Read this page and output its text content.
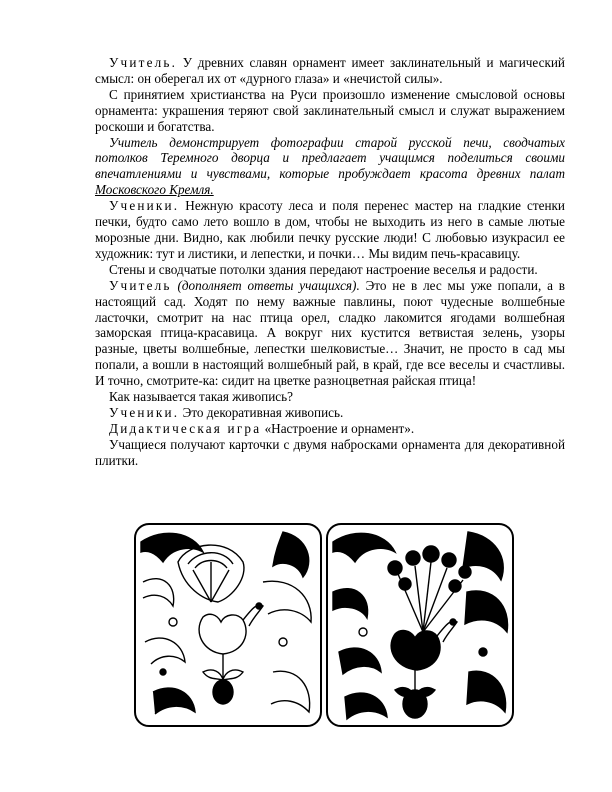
Учитель. У древних славян орнамент имеет заклинательный и магический смысл: он оберегал их от «дурного глаза» и «нечистой силы».

С принятием христианства на Руси произошло изменение смысловой основы орнамента: украшения теряют свой заклинательный смысл и служат выражением роскоши и богатства.

Учитель демонстрирует фотографии старой русской печи, сводчатых потолков Теремного дворца и предлагает учащимся поделиться своими впечатлениями и чувствами, которые пробуждает красота древних палат Московского Кремля.

Ученики. Нежную красоту леса и поля перенес мастер на гладкие стенки печки, будто само лето вошло в дом, чтобы не выходить из него в самые лютые морозные дни. Видно, как любили печку русские люди! С любовью изукрасил ее художник: тут и листики, и лепестки, и почки… Мы видим печь-красавицу.

Стены и сводчатые потолки здания передают настроение веселья и радости.

Учитель (дополняет ответы учащихся). Это не в лес мы уже попали, а в настоящий сад. Ходят по нему важные павлины, поют чудесные волшебные ласточки, смотрит на нас птица орел, сладко лакомится ягодами волшебная заморская птица-красавица. А вокруг них кустится ветвистая зелень, узоры разные, цветы волшебные, лепестки шелковистые… Значит, не просто в сад мы попали, а вошли в настоящий волшебный рай, в край, где все веселы и счастливы. И точно, смотрите-ка: сидит на цветке разноцветная райская птица!

Как называется такая живопись?

Ученики. Это декоративная живопись.

Дидактическая игра «Настроение и орнамент».

Учащиеся получают карточки с двумя набросками орнамента для декоративной плитки.
